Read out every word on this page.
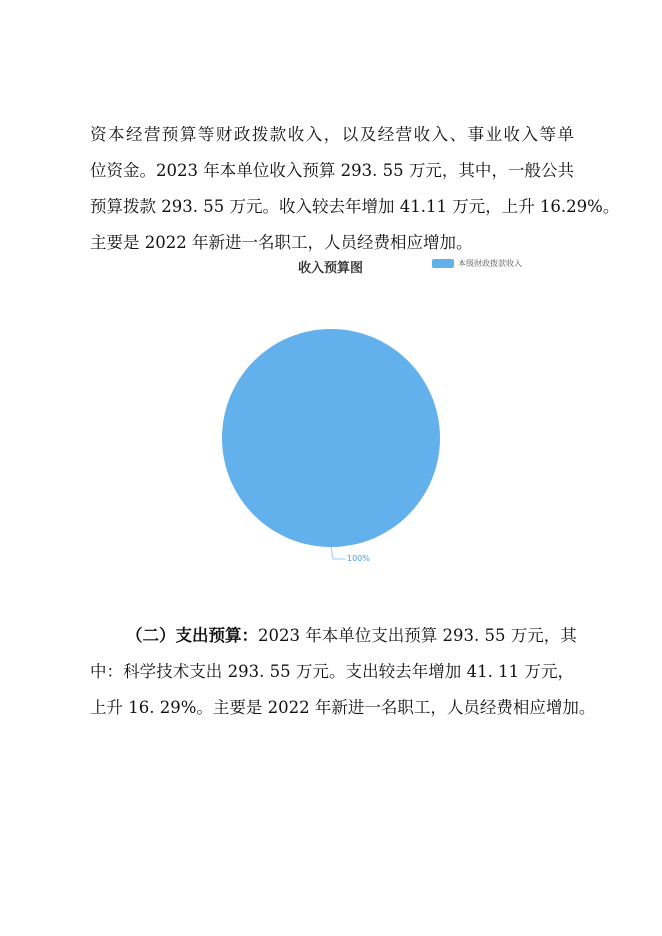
资本经营预算等财政拨款收入，以及经营收入、事业收入等单
位资金。2023 年本单位收入预算 293. 55 万元，其中，一般公共
预算拨款 293. 55 万元。收入较去年增加 41.11 万元，上升 16.29%。
主要是 2022 年新进一名职工，人员经费相应增加。
收入预算图	本级财政拨款收入
100%
（二）支出预算：2023 年本单位支出预算 293. 55 万元，其
中：科学技术支出 293. 55 万元。支出较去年增加 41. 11 万元，
上升 16. 29%。主要是 2022 年新进一名职工，人员经费相应增加。
